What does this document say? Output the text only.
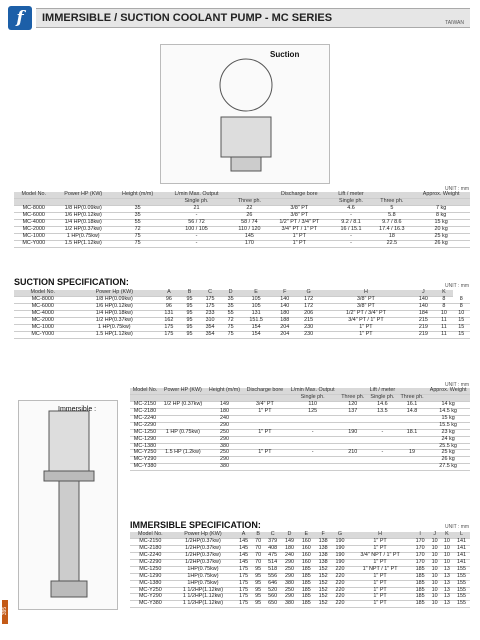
f	IMMERSIBLE / SUCTION COOLANT PUMP - MC SERIES	TAIWAN
Suction
UNIT : mm
Model No.	Power HP (KW)	Height (m/m)	L/min Max. Output		Discharge bore	Lift / meter		Approx. Weight
			Single ph.	Three ph.		Single ph.	Three ph.	
MC-8000	1/8 HP(0.09kw)	35	21	22	3/8" PT	4.6	5	7 kg
MC-6000	1/6 HP(0.12kw)	35	-	26	3/8" PT	-	5.8	8 kg
MC-4000	1/4 HP(0.18kw)	55	56 / 72	58 / 74	1/2" PT / 3/4" PT	9.2 / 8.1	9.7 / 8.6	15 kg
MC-2000	1/2 HP(0.37kw)	72	100 / 105	110 / 120	3/4" PT / 1" PT	16 / 15.1	17.4 / 16.3	20 kg
MC-1000	1 HP(0.75kw)	75	-	145	1" PT	-	18	25 kg
MC-Y000	1.5 HP(1.12kw)	75	-	170	1" PT	-	22.5	26 kg
SUCTION SPECIFICATION:	UNIT : mm
Model No.	Power Hp (KW)	A	B	C	D	E	F	G	H	J	K	
MC-8000	1/8 HP(0.09kw)	96	95	175	35	105	140	172	3/8" PT	140	8	8
MC-6000	1/6 HP(0.12kw)	96	95	175	35	105	140	172	3/8" PT	140	8	8
MC-4000	1/4 HP(0.18kw)	131	95	233	55	131	180	206	1/2" PT / 3/4" PT	184	10	10
MC-2000	1/2 HP(0.37kw)	162	95	310	72	151.5	188	215	3/4" PT / 1" PT	215	11	15
MC-1000	1 HP(0.75kw)	175	95	354	75	154	204	230	1" PT	219	11	15
MC-Y000	1.5 HP(1.12kw)	175	95	354	75	154	204	230	1" PT	219	11	15
Immersible :
UNIT : mm
Model No.	Power HP (KW)	Height (m/m)	Discharge bore	L/min Max. Output		Lift / meter		Approx. Weight
				Single ph.	Three ph.	Single ph.	Three ph.	
MC-2150	1/2 HP (0.37kw)	149	3/4" PT	110	120	14.6	16.1	14 kg
MC-2180		180	1" PT	125	137	13.5	14.8	14.5 kg
MC-2240		240						15 kg
MC-2290		290						15.5 kg
MC-1250	1 HP (0.75kw)	250	1" PT	-	190	-	18.1	23 kg
MC-1290		290						24 kg
MC-1380		380						25.5 kg
MC-Y250	1.5 HP (1.2kw)	250	1" PT	-	210	-	19	25 kg
MC-Y290		290						26 kg
MC-Y380		380						27.5 kg
IMMERSIBLE SPECIFICATION:	UNIT : mm
Model No.	Power Hp (KW)	A	B	C	D	E	F	G	H	I	J	K	L
MC-2150	1/2HP(0.37kw)	145	70	379	149	160	138	190	1" PT	170	10	10	141
MC-2180	1/2HP(0.37kw)	145	70	408	180	160	138	190	1" PT	170	10	10	141
MC-2240	1/2HP(0.37kw)	145	70	475	240	160	138	190	3/4" NPT / 1" PT	170	10	10	141
MC-2290	1/2HP(0.37kw)	145	70	514	290	160	138	190	1" PT	170	10	10	141
MC-1250	1HP(0.75kw)	175	95	518	250	185	152	220	1" NPT / 1" PT	185	10	13	155
MC-1290	1HP(0.75kw)	175	95	556	290	185	152	220	1" PT	185	10	13	155
MC-1380	1HP(0.75kw)	175	95	646	380	185	152	220	1" PT	185	10	13	155
MC-Y250	1 1/2HP(1.12kw)	175	95	520	250	185	152	220	1" PT	185	10	13	155
MC-Y290	1 1/2HP(1.12kw)	175	95	560	290	185	152	220	1" PT	185	10	13	155
MC-Y380	1 1/2HP(1.12kw)	175	95	650	380	185	152	220	1" PT	185	10	13	155
395
